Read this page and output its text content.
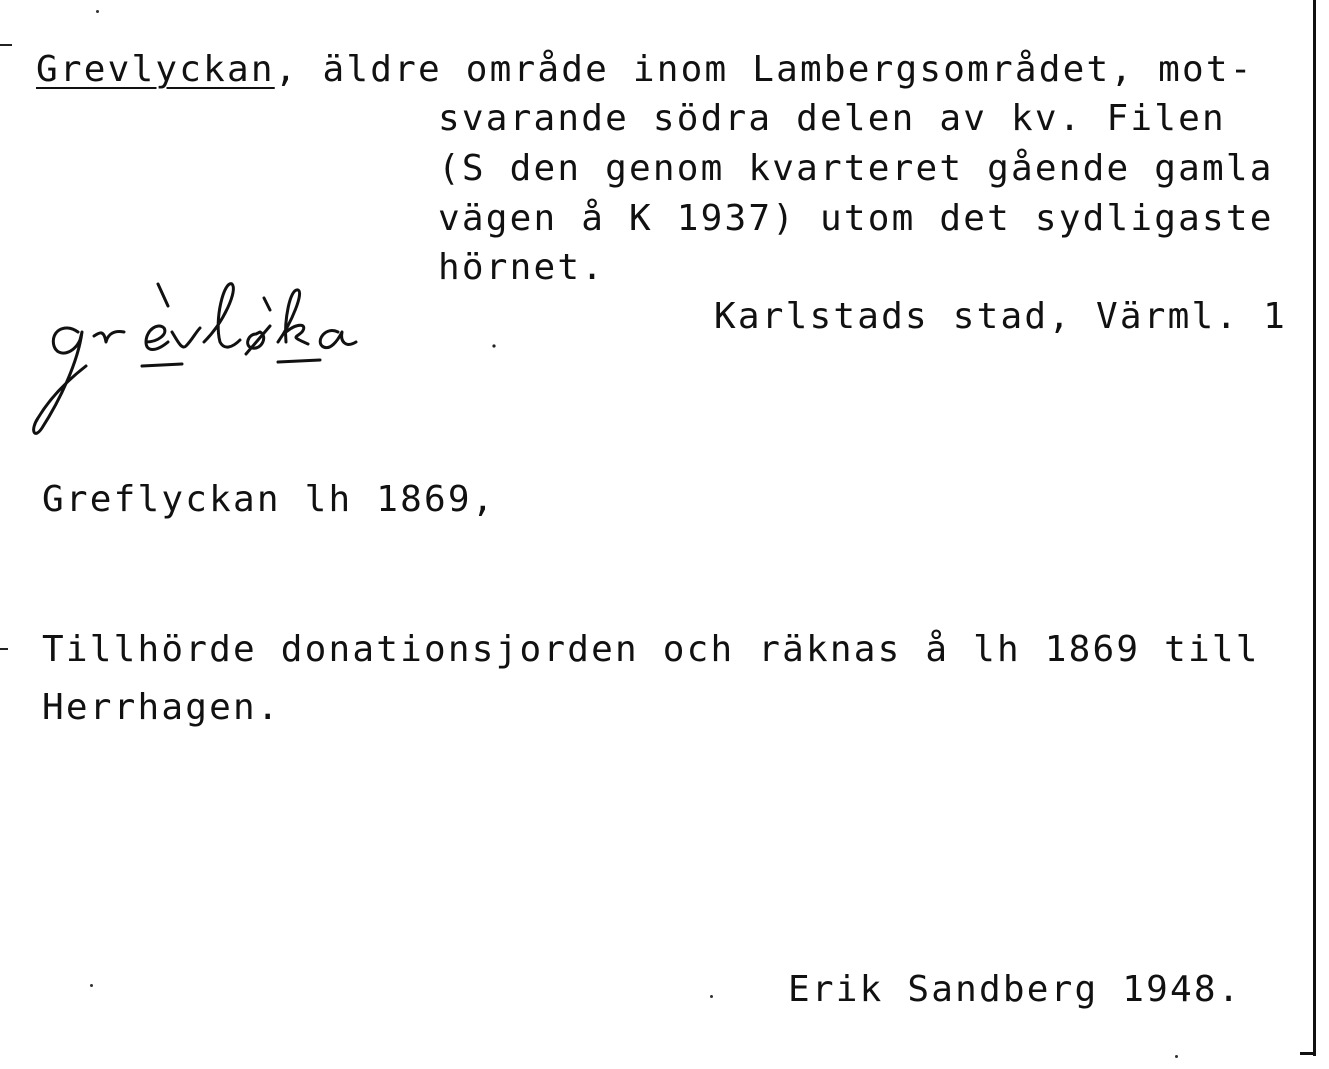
Grevlyckan, äldre område inom Lambergsområdet, mot-
svarande södra delen av kv. Filen
(S den genom kvarteret gående gamla
vägen å K 1937) utom det sydligaste
hörnet.
Karlstads stad, Värml. 1
Greflyckan lh 1869,
Tillhörde donationsjorden och räknas å lh 1869 till
Herrhagen.
Erik Sandberg 1948.
